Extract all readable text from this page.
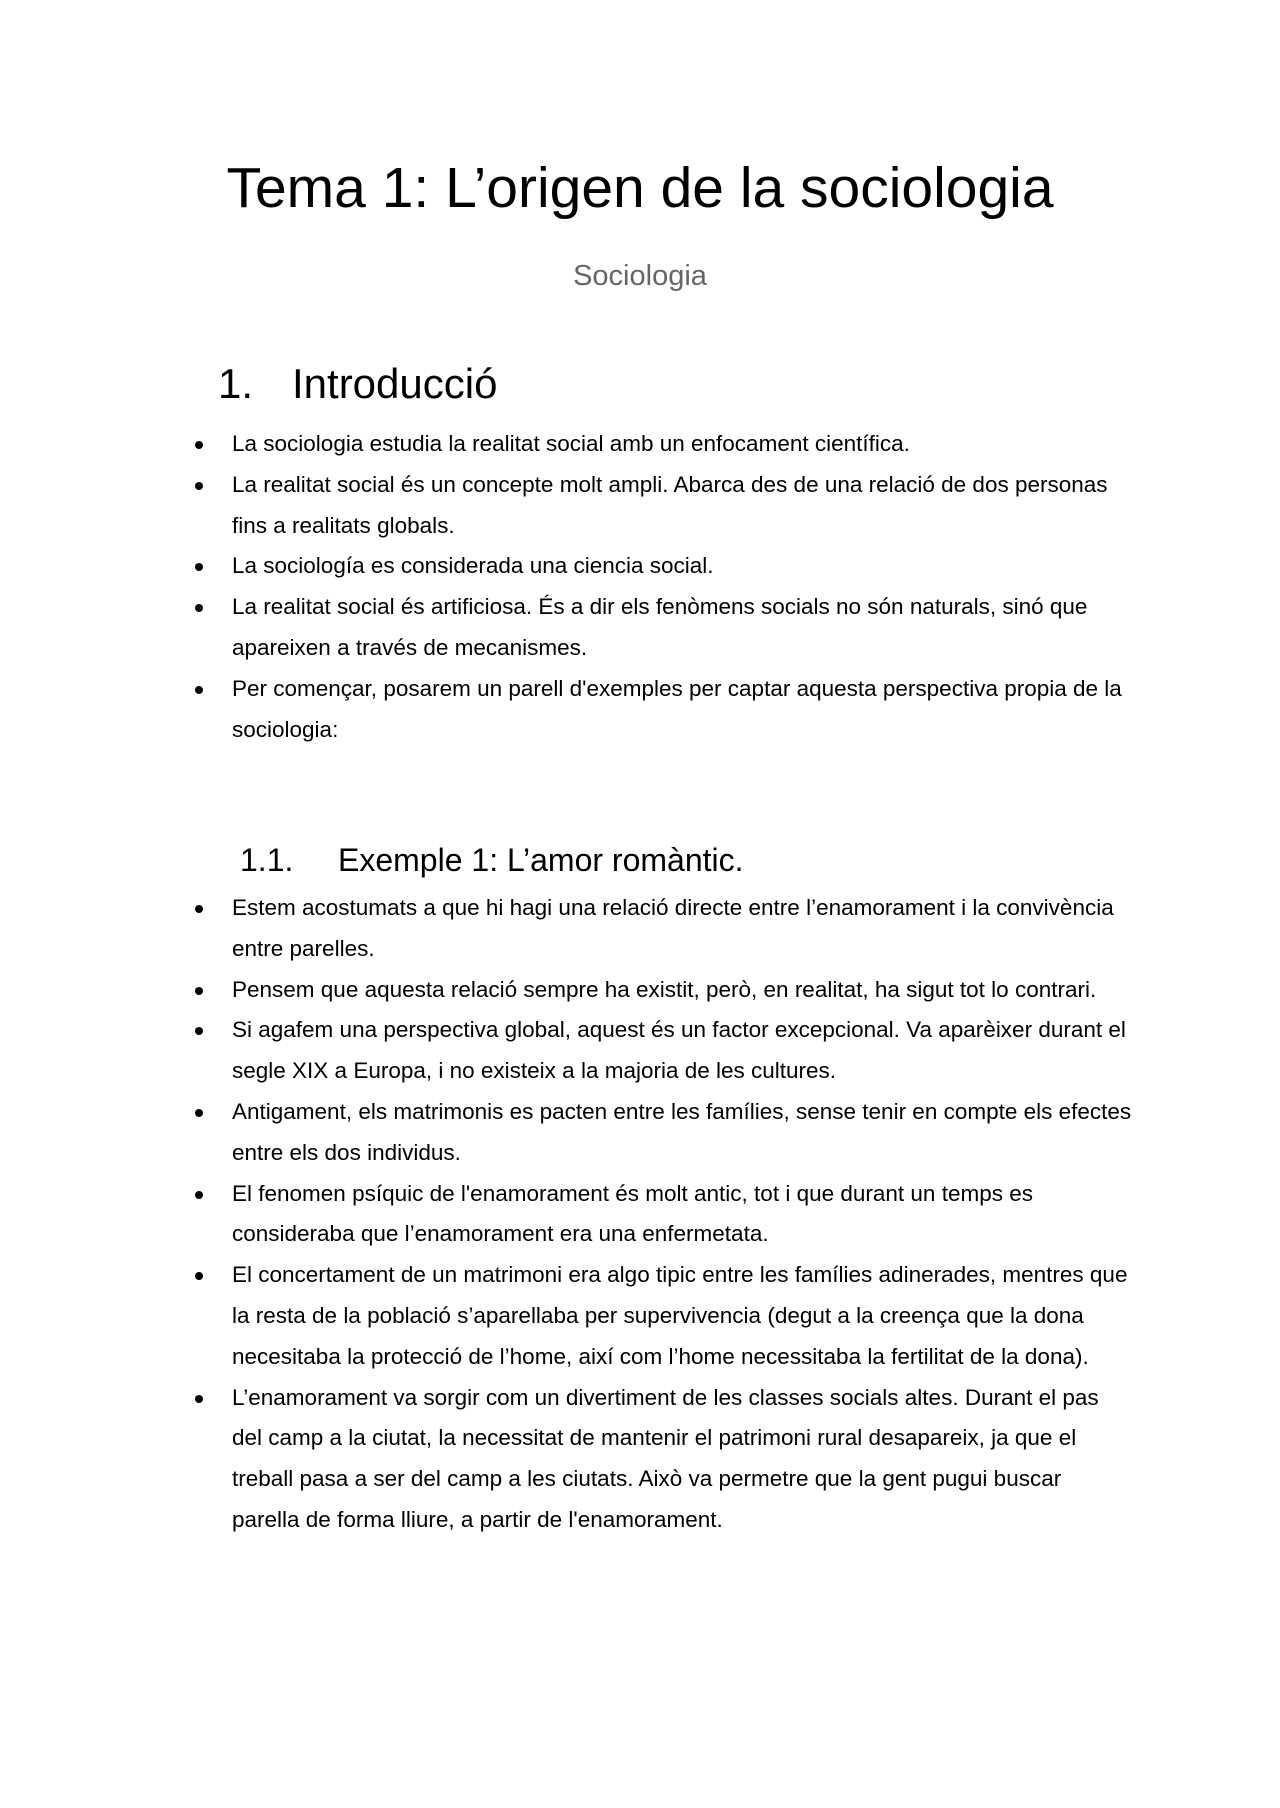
Tema 1: L’origen de la sociologia

Sociologia

1. Introducció
La sociologia estudia la realitat social amb un enfocament científica.
La realitat social és un concepte molt ampli. Abarca des de una relació de dos personas fins a realitats globals.
La sociología es considerada una ciencia social.
La realitat social és artificiosa. És a dir els fenòmens socials no són naturals, sinó que apareixen a través de mecanismes.
Per començar, posarem un parell d'exemples per captar aquesta perspectiva propia de la sociologia:
1.1. Exemple 1: L’amor romàntic.
Estem acostumats a que hi hagi una relació directe entre l’enamorament i la convivència entre parelles.
Pensem que aquesta relació sempre ha existit, però, en realitat, ha sigut tot lo contrari.
Si agafem una perspectiva global, aquest és un factor excepcional. Va aparèixer durant el segle XIX a Europa, i no existeix a la majoria de les cultures.
Antigament, els matrimonis es pacten entre les famílies, sense tenir en compte els efectes entre els dos individus.
El fenomen psíquic de l'enamorament és molt antic, tot i que durant un temps es consideraba que l’enamorament era una enfermetata.
El concertament de un matrimoni era algo tipic entre les famílies adinerades, mentres que la resta de la població s’aparellaba per supervivencia (degut a la creença que la dona necesitaba la protecció de l’home, així com l’home necessitaba la fertilitat de la dona).
L’enamorament va sorgir com un divertiment de les classes socials altes. Durant el pas del camp a la ciutat, la necessitat de mantenir el patrimoni rural desapareix, ja que el treball pasa a ser del camp a les ciutats. Això va permetre que la gent pugui buscar parella de forma lliure, a partir de l'enamorament.
